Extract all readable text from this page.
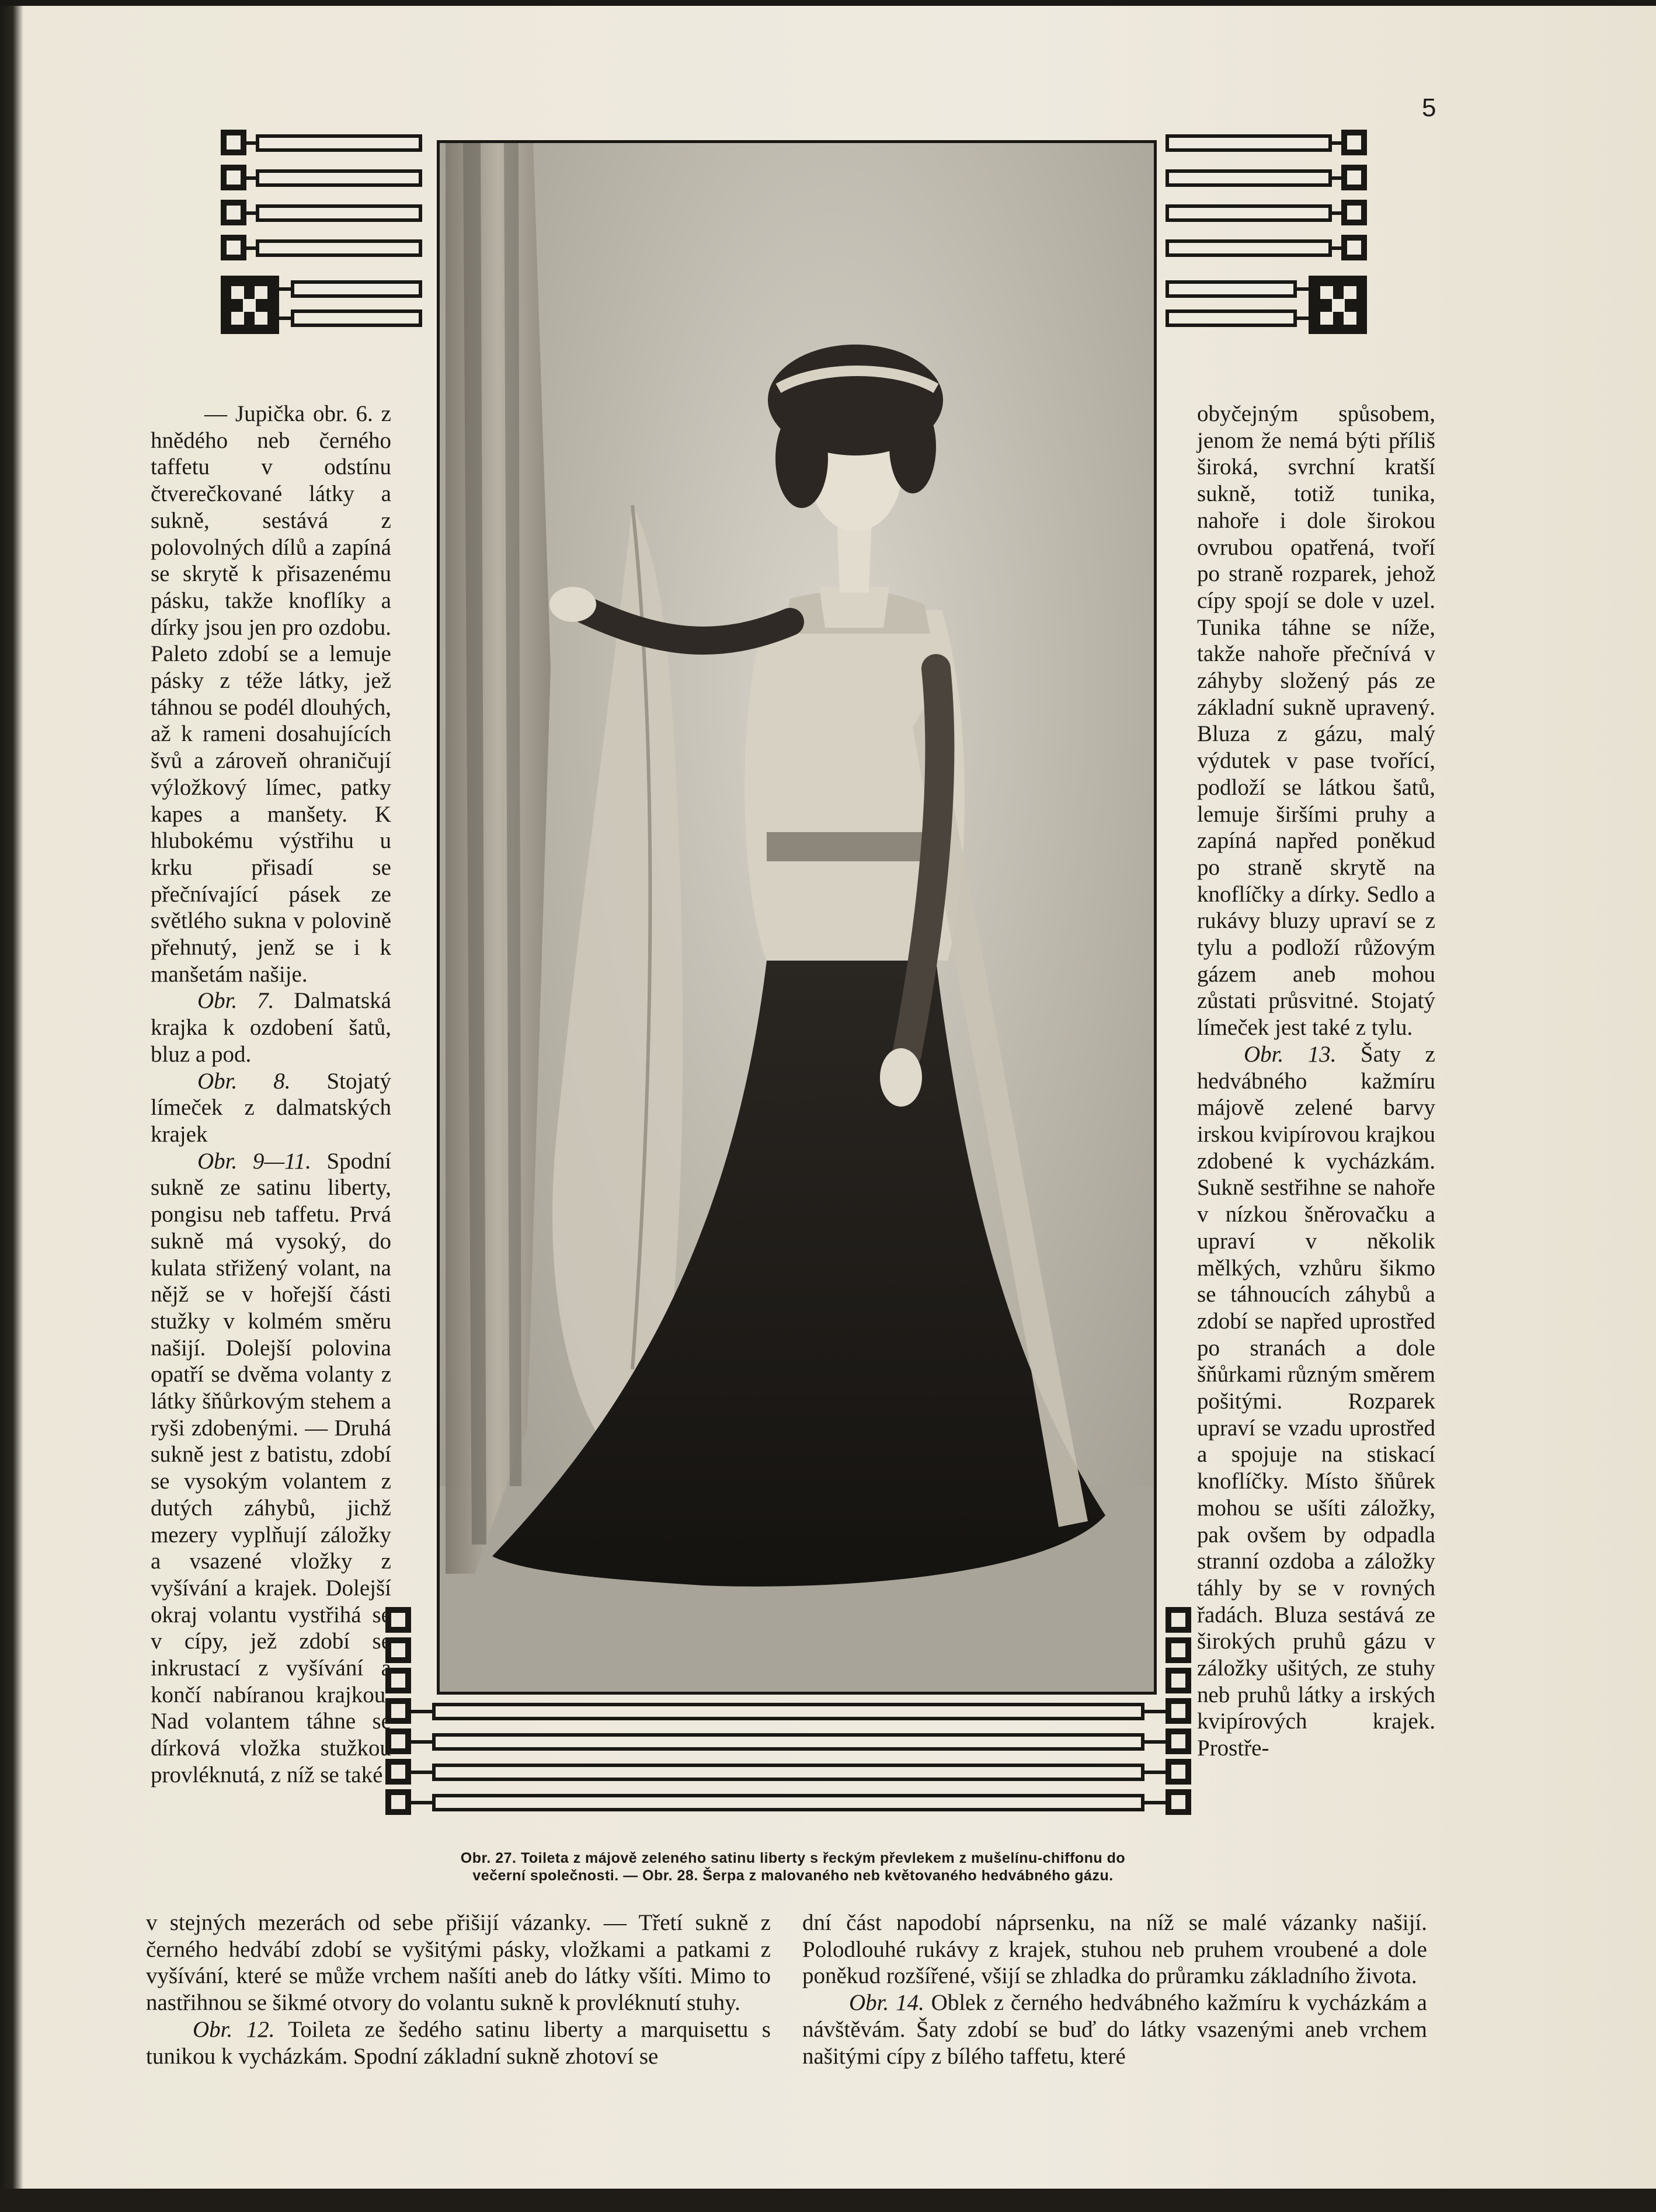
5
Obr. 27. Toileta z májově zeleného satinu liberty s řeckým převlekem z mušelínu-chiffonu do
večerní společnosti. — Obr. 28. Šerpa z malovaného neb květovaného hedvábného gázu.

— Jupička obr. 6. z hnědého neb černého taffetu v odstínu čtverečkované látky a sukně, sestává z polovolných dílů a zapíná se skrytě k přisazenému pásku, takže knoflíky a dírky jsou jen pro ozdobu. Paleto zdobí se a lemuje pásky z téže látky, jež táhnou se podél dlouhých, až k rameni dosahujících švů a zároveň ohraničují výložkový límec, patky kapes a manšety. K hlubokému výstřihu u krku přisadí se přečnívající pásek ze světlého sukna v polovině přehnutý, jenž se i k manšetám našije.

Obr. 7. Dalmatská krajka k ozdobení šatů, bluz a pod.

Obr. 8. Stojatý límeček z dalmatských krajek

Obr. 9—11. Spodní sukně ze satinu liberty, pongisu neb taffetu. Prvá sukně má vysoký, do kulata střižený volant, na nějž se v hořejší části stužky v kolmém směru našijí. Dolejší polovina opatří se dvěma volanty z látky šňůrkovým stehem a ryši zdobenými. — Druhá sukně jest z batistu, zdobí se vysokým volantem z dutých záhybů, jichž mezery vyplňují záložky a vsazené vložky z vyšívání a krajek. Dolejší okraj volantu vystřihá se v cípy, jež zdobí se inkrustací z vyšívání a končí nabíranou krajkou. Nad volantem táhne se dírková vložka stužkou provléknutá, z níž se také

obyčejným spůsobem, jenom že nemá býti příliš široká, svrchní kratší sukně, totiž tunika, nahoře i dole širokou ovrubou opatřená, tvoří po straně rozparek, jehož cípy spojí se dole v uzel. Tunika táhne se níže, takže nahoře přečnívá v záhyby složený pás ze základní sukně upravený. Bluza z gázu, malý výdutek v pase tvořící, podloží se látkou šatů, lemuje širšími pruhy a zapíná napřed poněkud po straně skrytě na knoflíčky a dírky. Sedlo a rukávy bluzy upraví se z tylu a podloží růžovým gázem aneb mohou zůstati průsvitné. Stojatý límeček jest také z tylu.

Obr. 13. Šaty z hedvábného kažmíru májově zelené barvy irskou kvipírovou krajkou zdobené k vycházkám. Sukně sestřihne se nahoře v nízkou šněrovačku a upraví v několik mělkých, vzhůru šikmo se táhnoucích záhybů a zdobí se napřed uprostřed po stranách a dole šňůrkami různým směrem pošitými. Rozparek upraví se vzadu uprostřed a spojuje na stiskací knoflíčky. Místo šňůrek mohou se ušíti záložky, pak ovšem by odpadla stranní ozdoba a záložky táhly by se v rovných řadách. Bluza sestává ze širokých pruhů gázu v záložky ušitých, ze stuhy neb pruhů látky a irských kvipírových krajek. Prostře-

v stejných mezerách od sebe přišijí vázanky. — Třetí sukně z černého hedvábí zdobí se vyšitými pásky, vložkami a patkami z vyšívání, které se může vrchem našíti aneb do látky všíti. Mimo to nastřihnou se šikmé otvory do volantu sukně k provléknutí stuhy.

Obr. 12. Toileta ze šedého satinu liberty a marquisettu s tunikou k vycházkám. Spodní základní sukně zhotoví se

dní část napodobí náprsenku, na níž se malé vázanky našijí. Polodlouhé rukávy z krajek, stuhou neb pruhem vroubené a dole poněkud rozšířené, všijí se zhladka do průramku základního života.

Obr. 14. Oblek z černého hedvábného kažmíru k vycházkám a návštěvám. Šaty zdobí se buď do látky vsazenými aneb vrchem našitými cípy z bílého taffetu, které
